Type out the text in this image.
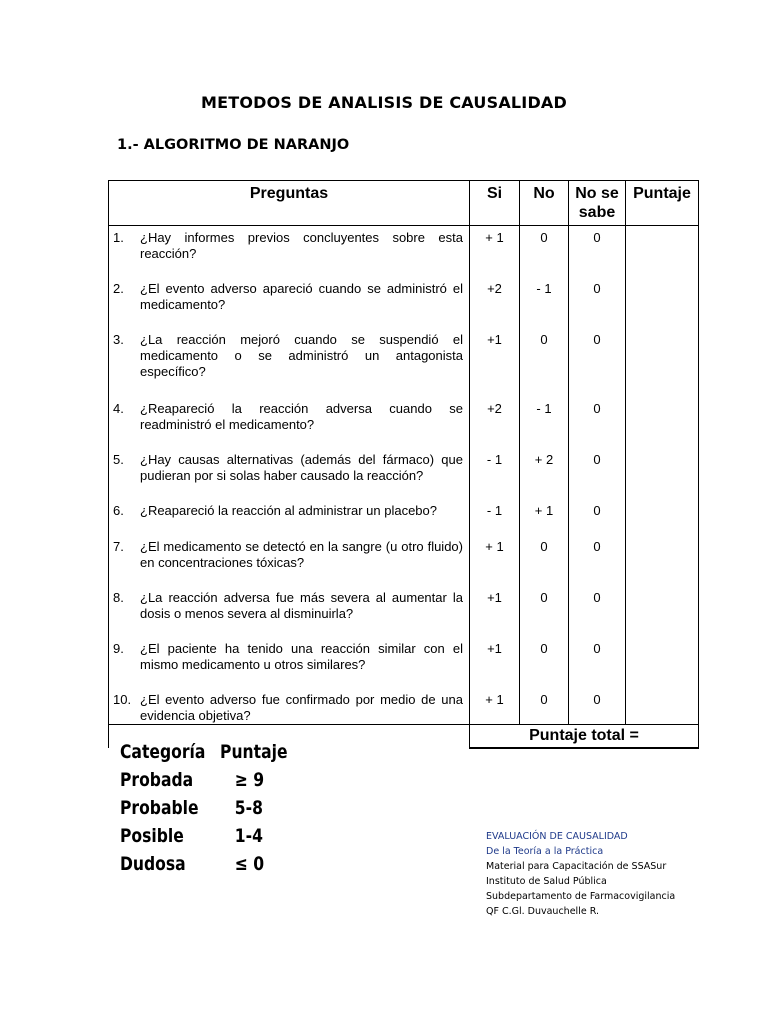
METODOS DE ANALISIS DE CAUSALIDAD
1.- ALGORITMO DE NARANJO
Preguntas	Si	No	No se sabe	Puntaje

1. ¿Hay informes previos concluyentes sobre esta reacción?	+ 1	0	0	

2. ¿El evento adverso apareció cuando se administró el medicamento?	+2	- 1	0	

3. ¿La reacción mejoró cuando se suspendió el medicamento o se administró un antagonista específico?	+1	0	0	

4. ¿Reapareció la reacción adversa cuando se readministró el medicamento?	+2	- 1	0	

5. ¿Hay causas alternativas (además del fármaco) que pudieran por si solas haber causado la reacción?	- 1	+ 2	0	

6. ¿Reapareció la reacción al administrar un placebo?	- 1	+ 1	0	

7. ¿El medicamento se detectó en la sangre (u otro fluido) en concentraciones tóxicas?	+ 1	0	0	

8. ¿La reacción adversa fue más severa al aumentar la dosis o menos severa al disminuirla?	+1	0	0	

9. ¿El paciente ha tenido una reacción similar con el mismo medicamento u otros similares?	+1	0	0	

10. ¿El evento adverso fue confirmado por medio de una evidencia objetiva?	+ 1	0	0	
	Puntaje total =			
Categoría Puntaje
Probada	≥ 9
Probable	5-8
Posible	1-4
Dudosa	≤ 0
EVALUACIÓN DE CAUSALIDAD
De la Teoría a la Práctica
Material para Capacitación de SSASur
Instituto de Salud Pública
Subdepartamento de Farmacovigilancia
QF C.Gl. Duvauchelle R.
